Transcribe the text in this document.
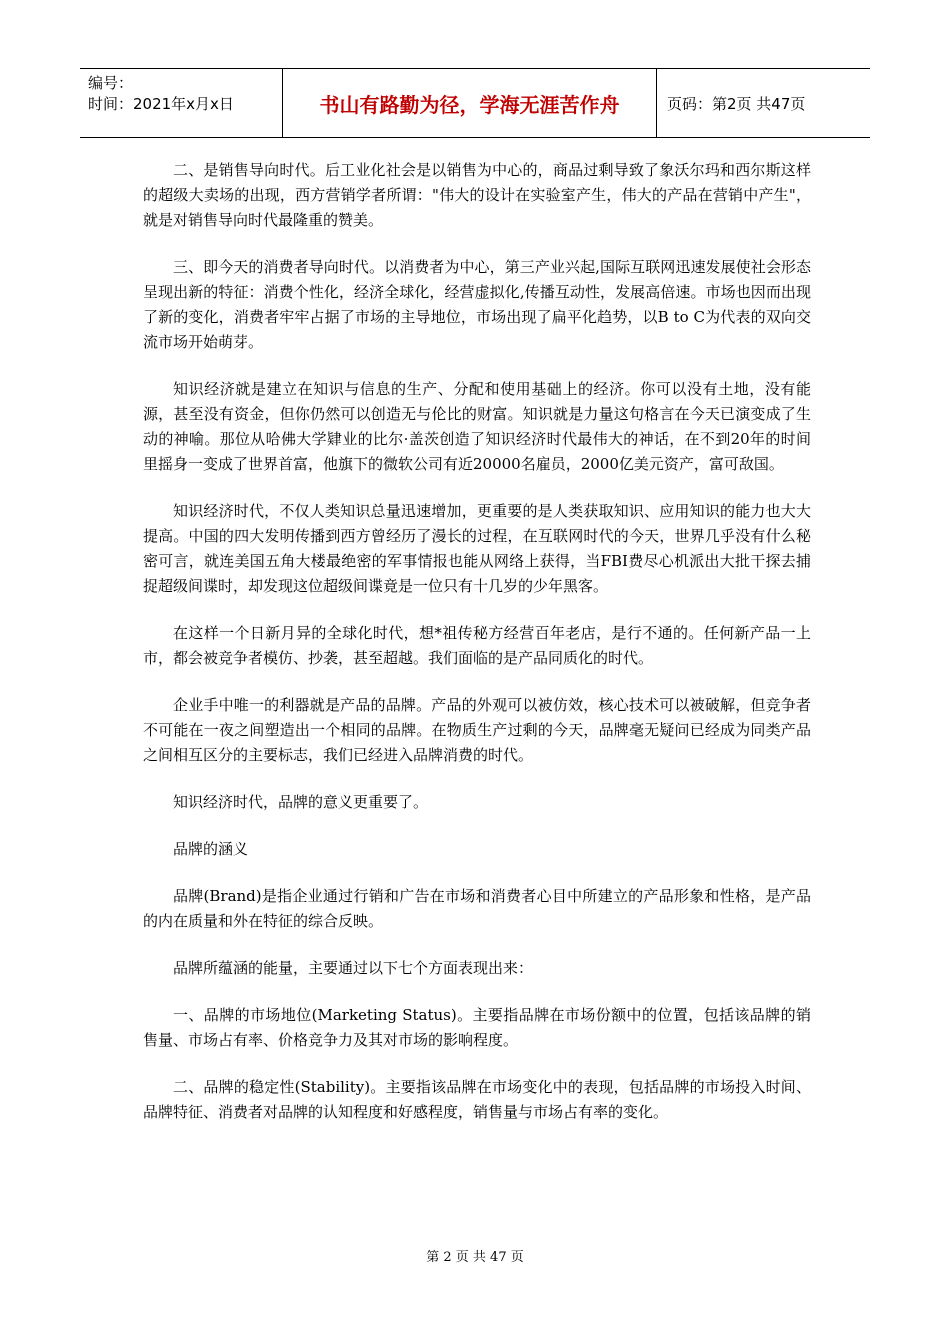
编号：
时间：2021年x月x日	书山有路勤为径，学海无涯苦作舟	页码：第2页 共47页

二、是销售导向时代。后工业化社会是以销售为中心的，商品过剩导致了象沃尔玛和西尔斯这样的超级大卖场的出现，西方营销学者所谓："伟大的设计在实验室产生，伟大的产品在营销中产生"，就是对销售导向时代最隆重的赞美。

三、即今天的消费者导向时代。以消费者为中心，第三产业兴起,国际互联网迅速发展使社会形态呈现出新的特征：消费个性化，经济全球化，经营虚拟化,传播互动性，发展高倍速。市场也因而出现了新的变化，消费者牢牢占据了市场的主导地位，市场出现了扁平化趋势，以B to C为代表的双向交流市场开始萌芽。

知识经济就是建立在知识与信息的生产、分配和使用基础上的经济。你可以没有土地，没有能源，甚至没有资金，但你仍然可以创造无与伦比的财富。知识就是力量这句格言在今天已演变成了生动的神喻。那位从哈佛大学肄业的比尔·盖茨创造了知识经济时代最伟大的神话，在不到20年的时间里摇身一变成了世界首富，他旗下的微软公司有近20000名雇员，2000亿美元资产，富可敌国。

知识经济时代，不仅人类知识总量迅速增加，更重要的是人类获取知识、应用知识的能力也大大提高。中国的四大发明传播到西方曾经历了漫长的过程，在互联网时代的今天，世界几乎没有什么秘密可言，就连美国五角大楼最绝密的军事情报也能从网络上获得，当FBI费尽心机派出大批干探去捕捉超级间谍时，却发现这位超级间谍竟是一位只有十几岁的少年黑客。

在这样一个日新月异的全球化时代，想*祖传秘方经营百年老店，是行不通的。任何新产品一上市，都会被竞争者模仿、抄袭，甚至超越。我们面临的是产品同质化的时代。

企业手中唯一的利器就是产品的品牌。产品的外观可以被仿效，核心技术可以被破解，但竞争者不可能在一夜之间塑造出一个相同的品牌。在物质生产过剩的今天，品牌毫无疑问已经成为同类产品之间相互区分的主要标志，我们已经进入品牌消费的时代。

知识经济时代，品牌的意义更重要了。

品牌的涵义

品牌(Brand)是指企业通过行销和广告在市场和消费者心目中所建立的产品形象和性格，是产品的内在质量和外在特征的综合反映。

品牌所蕴涵的能量，主要通过以下七个方面表现出来：

一、品牌的市场地位(Marketing Status)。主要指品牌在市场份额中的位置，包括该品牌的销售量、市场占有率、价格竞争力及其对市场的影响程度。

二、品牌的稳定性(Stability)。主要指该品牌在市场变化中的表现，包括品牌的市场投入时间、品牌特征、消费者对品牌的认知程度和好感程度，销售量与市场占有率的变化。

第 2 页 共 47 页
